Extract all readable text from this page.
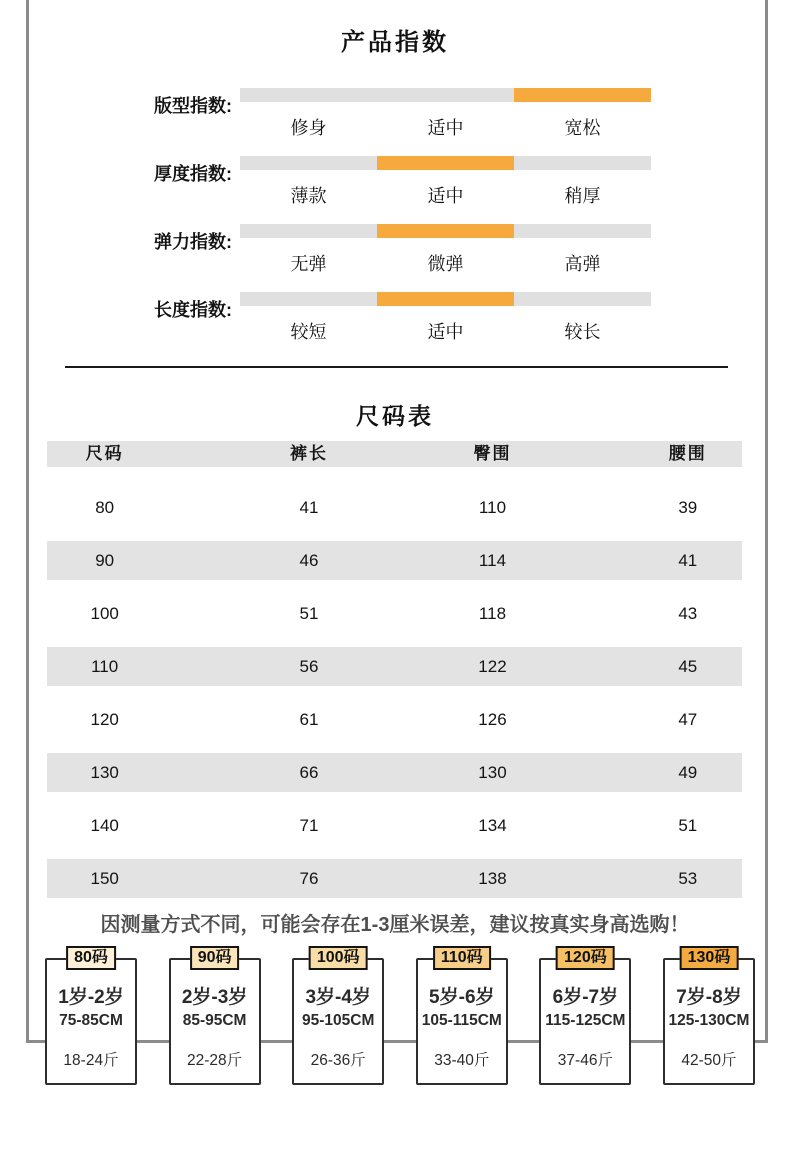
产品指数
版型指数:
修身	适中	宽松
厚度指数:
薄款	适中	稍厚
弹力指数:
无弹	微弹	高弹
长度指数:
较短	适中	较长
尺码表
尺码	裤长	臀围	腰围
80	41	110	39
90	46	114	41
100	51	118	43
110	56	122	45
120	61	126	47
130	66	130	49
140	71	134	51
150	76	138	53
因测量方式不同，可能会存在1-3厘米误差，建议按真实身高选购！
1岁-2岁
75-85CM
18-24斤
80码
2岁-3岁
85-95CM
22-28斤
90码
3岁-4岁
95-105CM
26-36斤
100码
5岁-6岁
105-115CM
33-40斤
110码
6岁-7岁
115-125CM
37-46斤
120码
7岁-8岁
125-130CM
42-50斤
130码
